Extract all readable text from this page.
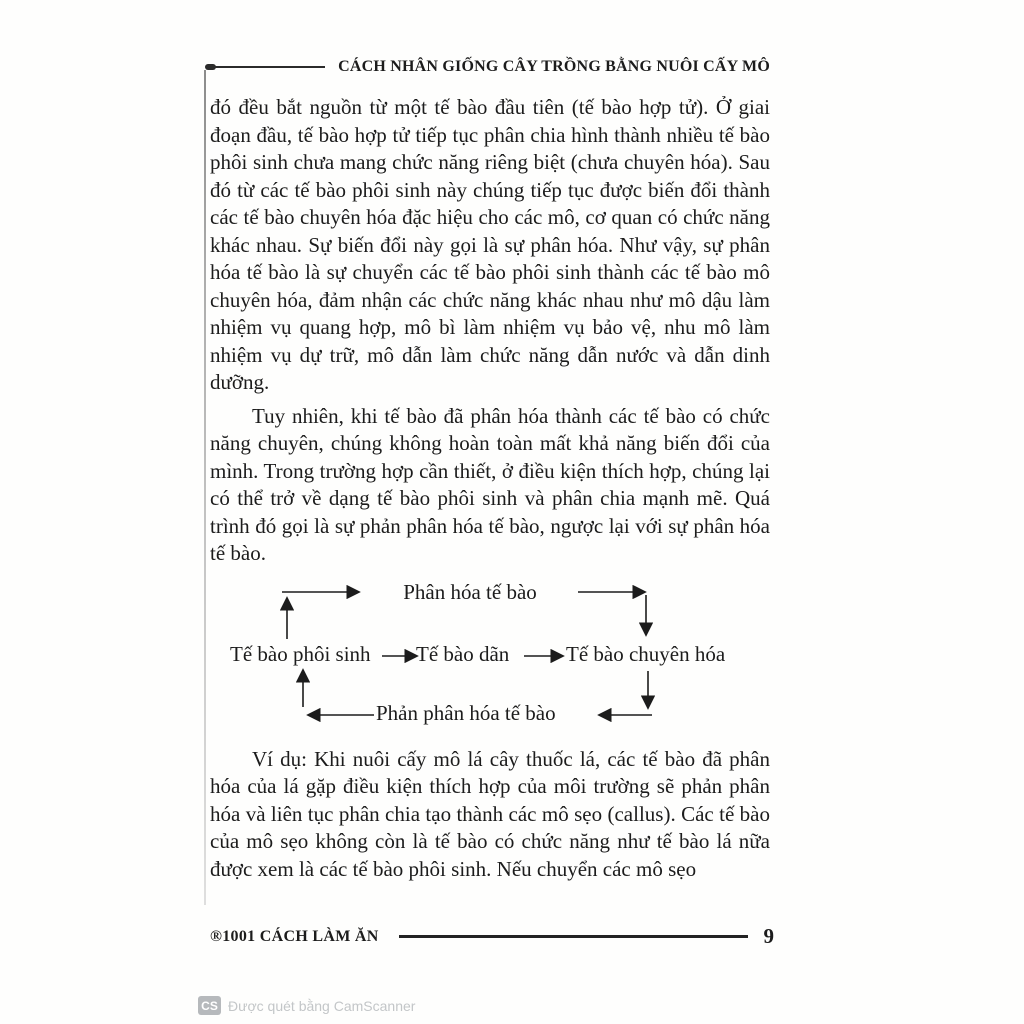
CÁCH NHÂN GIỐNG CÂY TRỒNG BẰNG NUÔI CẤY MÔ

đó đều bắt nguồn từ một tế bào đầu tiên (tế bào hợp tử). Ở giai đoạn đầu, tế bào hợp tử tiếp tục phân chia hình thành nhiều tế bào phôi sinh chưa mang chức năng riêng biệt (chưa chuyên hóa). Sau đó từ các tế bào phôi sinh này chúng tiếp tục được biến đổi thành các tế bào chuyên hóa đặc hiệu cho các mô, cơ quan có chức năng khác nhau. Sự biến đổi này gọi là sự phân hóa. Như vậy, sự phân hóa tế bào là sự chuyển các tế bào phôi sinh thành các tế bào mô chuyên hóa, đảm nhận các chức năng khác nhau như mô dậu làm nhiệm vụ quang hợp, mô bì làm nhiệm vụ bảo vệ, nhu mô làm nhiệm vụ dự trữ, mô dẫn làm chức năng dẫn nước và dẫn dinh dưỡng.

Tuy nhiên, khi tế bào đã phân hóa thành các tế bào có chức năng chuyên, chúng không hoàn toàn mất khả năng biến đổi của mình. Trong trường hợp cần thiết, ở điều kiện thích hợp, chúng lại có thể trở về dạng tế bào phôi sinh và phân chia mạnh mẽ. Quá trình đó gọi là sự phản phân hóa tế bào, ngược lại với sự phân hóa tế bào.

Phân hóa tế bào
Tế bào phôi sinh Tế bào dãn	Tế bào chuyên hóa
Phản phân hóa tế bào

Ví dụ: Khi nuôi cấy mô lá cây thuốc lá, các tế bào đã phân hóa của lá gặp điều kiện thích hợp của môi trường sẽ phản phân hóa và liên tục phân chia tạo thành các mô sẹo (callus). Các tế bào của mô sẹo không còn là tế bào có chức năng như tế bào lá nữa được xem là các tế bào phôi sinh. Nếu chuyển các mô sẹo

®1001 CÁCH LÀM ĂN	9
CS Được quét bằng CamScanner
